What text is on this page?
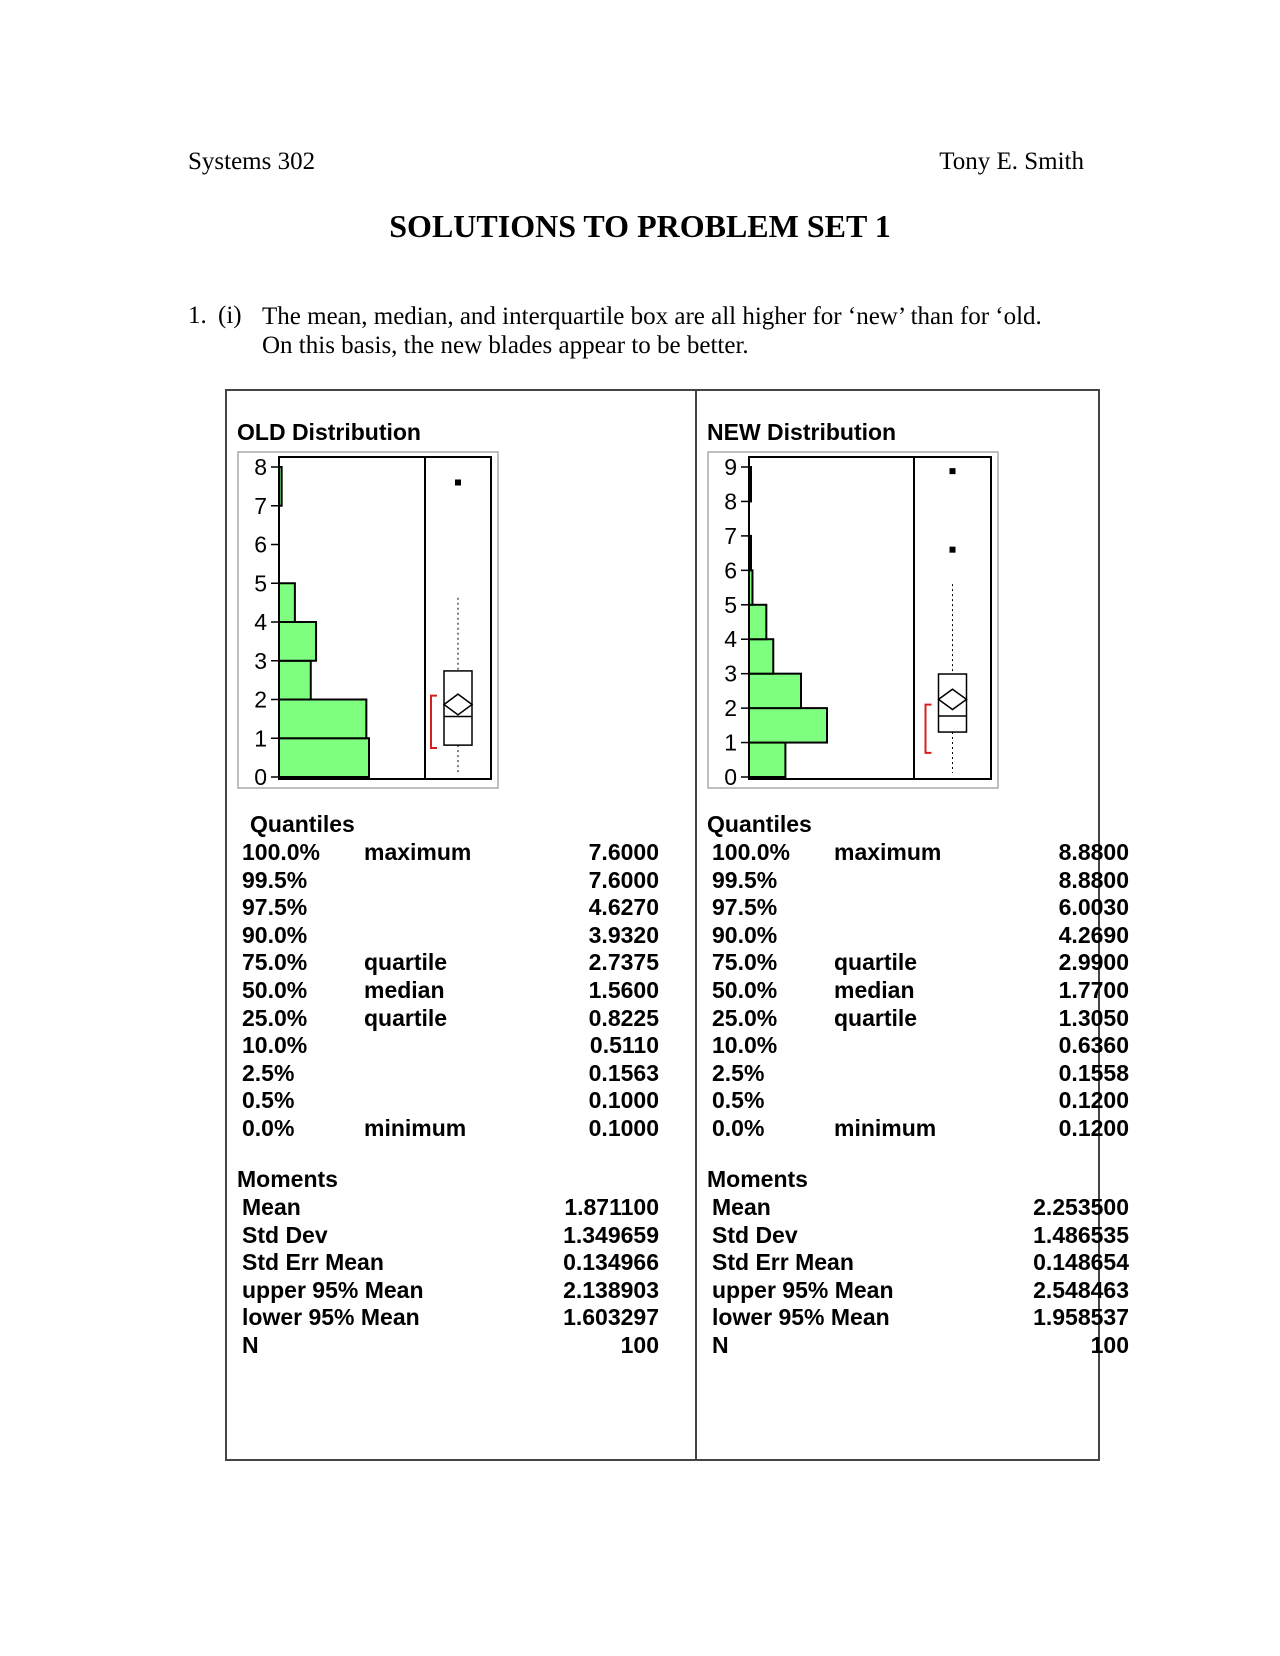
Systems 302	Tony E. Smith
SOLUTIONS TO PROBLEM SET 1
1. (i) The mean, median, and interquartile box are all higher for ‘new’ than for ‘old.
On this basis, the new blades appear to be better.
OLD Distribution
0
1
2
3
4
5
6
7
8
Quantiles
100.0% maximum	7.6000
99.5%	7.6000
97.5%	4.6270
90.0%	3.9320
75.0% quartile	2.7375
50.0% median	1.5600
25.0% quartile	0.8225
10.0%	0.5110
2.5%	0.1563
0.5%	0.1000
0.0%	minimum	0.1000
Moments
Mean	1.871100
Std Dev	1.349659
Std Err Mean	0.134966
upper 95% Mean	2.138903
lower 95% Mean	1.603297
N	100
NEW Distribution
0
1
2
3
4
5
6
7
8
9
Quantiles
100.0% maximum	8.8800
99.5%	8.8800
97.5%	6.0030
90.0%	4.2690
75.0% quartile	2.9900
50.0% median	1.7700
25.0% quartile	1.3050
10.0%	0.6360
2.5%	0.1558
0.5%	0.1200
0.0%	minimum	0.1200
Moments
Mean	2.253500
Std Dev	1.486535
Std Err Mean	0.148654
upper 95% Mean	2.548463
lower 95% Mean	1.958537
N	100
